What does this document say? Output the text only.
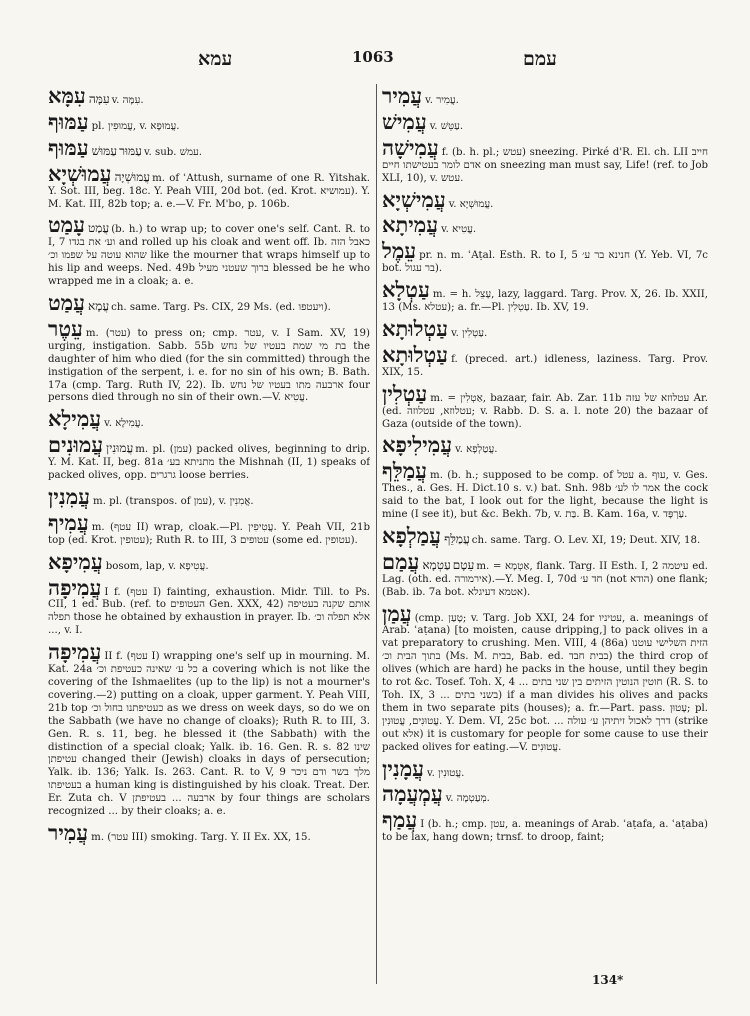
עמא	1063	עמם

עִמָּא עִמָּה v. עִמָּה.

עַמּוּף pl. עֲמוּפִין, v. עֲמוּפָא.

עַמּוּף	עַמּוּרעַמּוּשׁ	v. sub. עמשׁ.

עֲמוּשְׁיָא עֲמוּשְׁיָה m. of ʿAttush, surname of one R. Yitshak. Y. Sot. III, beg. 18c. Y. Peah VIII, 20d bot. (ed. Krot. עמושיא). Y. M. Kat. III, 82b top; a. e.—V. Fr. M'bo, p. 106b.

עָמַט עֲמַט (b. h.) to wrap up; to cover one's self. Cant. R. to I, 7 וע׳ את בגדו and rolled up his cloak and went off. Ib. כאבל הזה שהוא עוטה על שפמו וכ׳ like the mourner that wraps himself up to his lip and weeps. Ned. 49b ברוך שעטני מעיל blessed be he who wrapped me in a cloak; a. e.

עֲמַט עֲמָא ch. same. Targ. Ps. CIX, 29 Ms. (ed. ויעטפו).

עֵטֶר m. (עטר) to press on; cmp. עטר, v. I Sam. XV, 19) urging, instigation. Sabb. 55b בת מי שמת בעטיו של נחש the daughter of him who died (for the sin committed) through the instigation of the serpent, i. e. for no sin of his own; B. Bath. 17a (cmp. Targ. Ruth IV, 22). Ib. ארבעה מתו בעטיו של נחש four persons died through no sin of their own.—V. עֲטִיא.

עֲמִילָא v. עֲמִילָא.

עֲמוּנִים עֲמוּנִין m. pl. (עמן) packed olives, beginning to drip. Y. M. Kat. II, beg. 81a מתניתא בע׳ the Mishnah (II, 1) speaks of packed olives, opp. גרגרים loose berries.

עֲמִנִין m. pl. (transpos. of עמן), v. אֲמִנִין.

עֲמִיף m. (עטף II) wrap, cloak.—Pl. עֲטִיפִין. Y. Peah VII, 21b top (ed. Krot. עטופין); Ruth R. to III, 3 עטופים (some ed. עטופין).

עֲמִיפָא bosom, lap, v. עֲטִיפָא.

עֲמִיפָה I f. (עטף I) fainting, exhaustion. Midr. Till. to Ps. CII, 1 ed. Bub. (ref. to העטופים Gen. XXX, 42) אותם שקנה בעטיפה תפלה those he obtained by exhaustion in prayer. Ib. אלא תפלה וכ׳ ..., v. I.

עֲמִיפָה II f. (עטף I) wrapping one's self up in mourning. M. Kat. 24a כל ע׳ שאינה כעטיפת וכ׳ a covering which is not like the covering of the Ishmaelites (up to the lip) is not a mourner's covering.—2) putting on a cloak, upper garment. Y. Peah VIII, 21b top כעטיפתנו בחול וכ׳ as we dress on week days, so do we on the Sabbath (we have no change of cloaks); Ruth R. to III, 3. Gen. R. s. 11, beg. he blessed it (the Sabbath) with the distinction of a special cloak; Yalk. ib. 16. Gen. R. s. 82 שינו עטיפתן changed their (Jewish) cloaks in days of persecution; Yalk. ib. 136; Yalk. Is. 263. Cant. R. to V, 9 מלך בשר ודם ניכר בעטיפתו a human king is distinguished by his cloak. Treat. Der. Er. Zuta ch. V ארבעה ... בעטיפתן by four things are scholars recognized ... by their cloaks; a. e.

עֲמִיר m. (עטר III) smoking. Targ. Y. II Ex. XX, 15.

עֲמִיר v. עֲמִיר.

עֲמִישׁ v. עַטֵּשׁ.

עֲמִישָׁה f. (b. h. pl.; עטש) sneezing. Pirké d'R. El. ch. LII חייב אדם לומר בעטישתו חיים on sneezing man must say, Life! (ref. to Job XLI, 10), v. עטש.

עֲמִישְׁיָא v. עֲמוּשְׁיָא.

עֲמִיתָא v. עֲטִיא.

עֵמֶל pr. n. m. ʿAṭal. Esth. R. to I, 5 חנינא בר ע׳ (Y. Yeb. VI, 7c bot. בר עגול).

עַטְלָא m. = h. עָצֵל, lazy, laggard. Targ. Prov. X, 26. Ib. XXII, 13 (Ms. עטלא); a. fr.—Pl. עַטְלִין. Ib. XV, 19.

עַטְלוּתָא v. עַטְלִין.

עַטְלוּתָא f. (preced. art.) idleness, laziness. Targ. Prov. XIX, 15.

עַטְלִין m. = אַטְלִין, bazaar, fair. Ab. Zar. 11b עטלוזא של עזה Ar. (ed. עטלוזא, עטלוזה; v. Rabb. D. S. a. l. note 20) the bazaar of Gaza (outside of the town).

עֲמִילִיפָא v. עֲטַלְפָא.

עֲמַלֵּף m. (b. h.; supposed to be comp. of עטל a. עוף, v. Ges. Thes., a. Ges. H. Dict.10 s. v.) bat. Snh. 98b אמר לו לע׳ the cock said to the bat, I look out for the light, because the light is mine (I see it), but &c. Bekh. 7b, v. בַּת. B. Kam. 16a, v. עַרְפָּד.

עֲמַלְפָא עֲמַלֵּף ch. same. Targ. O. Lev. XI, 19; Deut. XIV, 18.

עֲמַם	עֵטָםעַטְמָא	m. = אַטְמָא, flank. Targ. II Esth. I, 2 עיטמה ed. Lag. (oth. ed. אירמורה).—Y. Meg. I, 70d חד ע׳ (not הודא) one flank; (Bab. ib. 7a bot. אטמא דעיגלא).

עֲמַן (cmp. טָעַן; v. Targ. Job XXI, 24 for עטיניו, a. meanings of Arab. ʿaṭana) [to moisten, cause dripping,] to pack olives in a vat preparatory to crushing. Men. VIII, 4 (86a) הזית השלישי עוטנו בתוך הבית וכ׳ (Ms. M. בבית, Bab. ed. בבית חבד) the third crop of olives (which are hard) he packs in the house, until they begin to rot &c. Tosef. Toh. X, 4 ... חוטין הנוטין הזיתים בין שני בתים (R. S. to Toh. IX, 3 ... בשני בתים) if a man divides his olives and packs them in two separate pits (houses); a. fr.—Part. pass. עָטוּן; pl. עֲטוּנִים, עֲטוּנִין. Y. Dem. VI, 25c bot. ... דרך לאכול זיתיהן ע׳ עולה (strike out אלא) it is customary for people for some cause to use their packed olives for eating.—V. עֲטוּנִים.

עֲמָנִין v. עֲטוּנִין.

עֲמְעֲמָה v. מְעַטְמָה.

עֲמַף I (b. h.; cmp. עטן, a. meanings of Arab. ʿaṭafa, a. ʿaṭaba) to be lax, hang down; trnsf. to droop, faint;

134*
